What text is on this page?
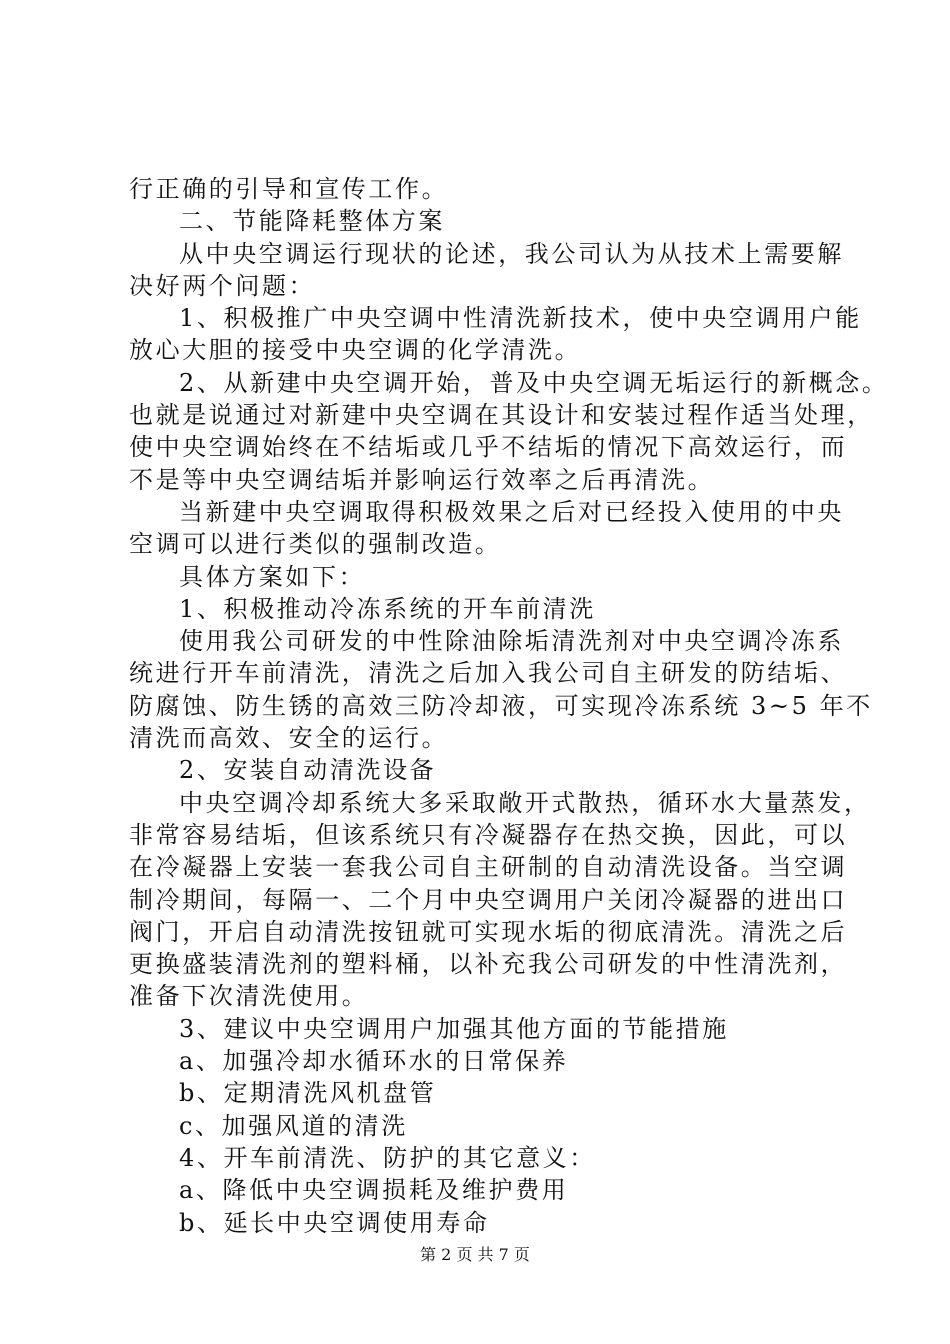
行正确的引导和宣传工作。
二、节能降耗整体方案
从中央空调运行现状的论述，我公司认为从技术上需要解
决好两个问题：
1、积极推广中央空调中性清洗新技术，使中央空调用户能
放心大胆的接受中央空调的化学清洗。
2、从新建中央空调开始，普及中央空调无垢运行的新概念。
也就是说通过对新建中央空调在其设计和安装过程作适当处理，
使中央空调始终在不结垢或几乎不结垢的情况下高效运行，而
不是等中央空调结垢并影响运行效率之后再清洗。
当新建中央空调取得积极效果之后对已经投入使用的中央
空调可以进行类似的强制改造。
具体方案如下：
1、积极推动冷冻系统的开车前清洗
使用我公司研发的中性除油除垢清洗剂对中央空调冷冻系
统进行开车前清洗，清洗之后加入我公司自主研发的防结垢、
防腐蚀、防生锈的高效三防冷却液，可实现冷冻系统 3~5 年不
清洗而高效、安全的运行。
2、安装自动清洗设备
中央空调冷却系统大多采取敞开式散热，循环水大量蒸发，
非常容易结垢，但该系统只有冷凝器存在热交换，因此，可以
在冷凝器上安装一套我公司自主研制的自动清洗设备。当空调
制冷期间，每隔一、二个月中央空调用户关闭冷凝器的进出口
阀门，开启自动清洗按钮就可实现水垢的彻底清洗。清洗之后
更换盛装清洗剂的塑料桶，以补充我公司研发的中性清洗剂，
准备下次清洗使用。
3、建议中央空调用户加强其他方面的节能措施
a、加强冷却水循环水的日常保养
b、定期清洗风机盘管
c、加强风道的清洗
4、开车前清洗、防护的其它意义：
a、降低中央空调损耗及维护费用
b、延长中央空调使用寿命
第 2 页 共 7 页
